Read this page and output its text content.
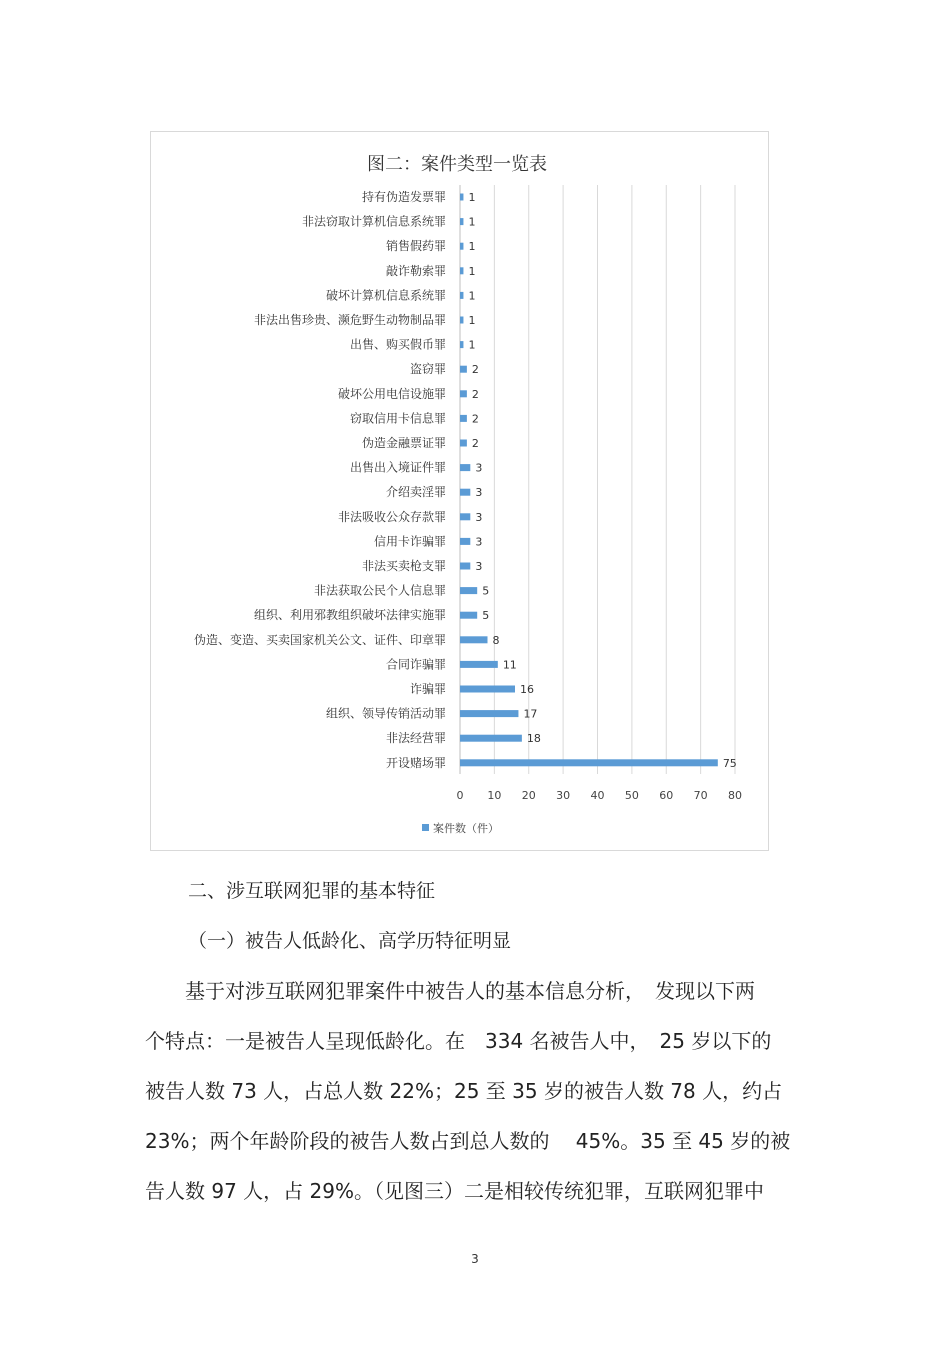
图二：案件类型一览表
持有伪造发票罪
非法窃取计算机信息系统罪
销售假药罪
敲诈勒索罪
破坏计算机信息系统罪
非法出售珍贵、濒危野生动物制品罪
出售、购买假币罪
盗窃罪
破坏公用电信设施罪
窃取信用卡信息罪
伪造金融票证罪
出售出入境证件罪
介绍卖淫罪
非法吸收公众存款罪
信用卡诈骗罪
非法买卖枪支罪
非法获取公民个人信息罪
组织、利用邪教组织破坏法律实施罪
伪造、变造、买卖国家机关公文、证件、印章罪
合同诈骗罪
诈骗罪
组织、领导传销活动罪
非法经营罪
开设赌场罪
1
1
1
1
1
1
1
2
2
2
2
3
3
3
3
3
5
5
8
11
16
17
18
75
0 10 20 30 40 50 60 70 80
案件数（件）
二、涉互联网犯罪的基本特征
（一）被告人低龄化、高学历特征明显
　　基于对涉互联网犯罪案件中被告人的基本信息分析，　发现以下两
个特点：一是被告人呈现低龄化。在　334 名被告人中，　25 岁以下的
被告人数 73 人，占总人数 22%；25 至 35 岁的被告人数 78 人，约占
23%；两个年龄阶段的被告人数占到总人数的　 45%。35 至 45 岁的被
告人数 97 人，占 29%。（见图三）二是相较传统犯罪，互联网犯罪中
3
